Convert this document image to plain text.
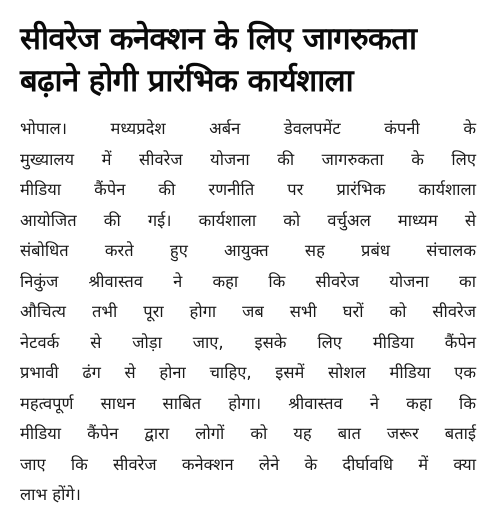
सीवरेज कनेक्शन के लिए जागरुकता
बढ़ाने होगी प्रारंभिक कार्यशाला
भोपाल। मध्यप्रदेश अर्बन डेवलपमेंट कंपनी के
मुख्यालय में सीवरेज योजना की जागरुकता के लिए
मीडिया कैंपेन की रणनीति पर प्रारंभिक कार्यशाला
आयोजित की गई। कार्यशाला को वर्चुअल माध्यम से
संबोधित करते हुए आयुक्त सह प्रबंध संचालक
निकुंज श्रीवास्तव ने कहा कि सीवरेज योजना का
औचित्य तभी पूरा होगा जब सभी घरों को सीवरेज
नेटवर्क से जोड़ा जाए, इसके लिए मीडिया कैंपेन
प्रभावी ढंग से होना चाहिए, इसमें सोशल मीडिया एक
महत्वपूर्ण साधन साबित होगा। श्रीवास्तव ने कहा कि
मीडिया कैंपेन द्वारा लोगों को यह बात जरूर बताई
जाए कि सीवरेज कनेक्शन लेने के दीर्घावधि में क्या
लाभ होंगे।
